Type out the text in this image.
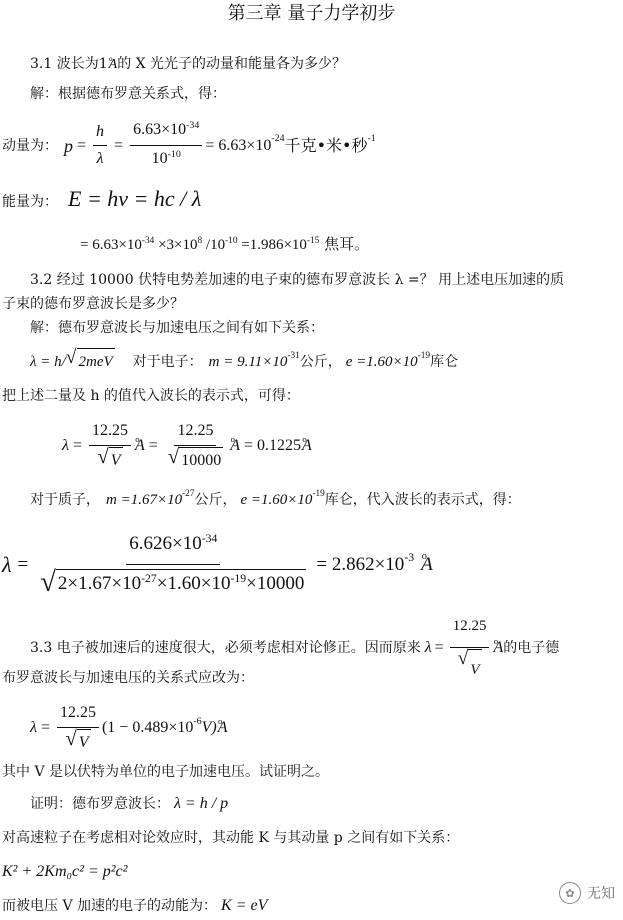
第三章 量子力学初步
3.1 波长为1o A的 X 光光子的动量和能量各为多少？
解：根据德布罗意关系式，得：
动量为： $p = \frac{h}{\lambda} = \frac{6.63\times 10^{-34}}{10^{-10}} = 6.63\times 10^{-24}$ 千克•米•秒$^{-1}$
能量为： E = hν = hc / λ
= $6.63\times 10^{-34} \times 3\times 10^8$ $/10^{-10} =1.986\times 10^{-15}$ 焦耳。
3.2 经过 10000 伏特电势差加速的电子束的德布罗意波长 λ =？ 用上述电压加速的质
子束的德布罗意波长是多少？
解：德布罗意波长与加速电压之间有如下关系：
λ = h/ √ 2meV 对于电子： $m = 9.11\times 10^{-31}$ 公斤， $e =1.60\times 10^{-19}$ 库仑
把上述二量及 h 的值代入波长的表示式，可得：
$\lambda = \frac{12.25}{√ V}$ o $A = \frac{12.25}{√ 10000}$ o A = 0.1225 o A
对于质子， $m =1.67\times 10^{-27}$ 公斤， $e =1.60\times 10^{-19}$ 库仑，代入波长的表示式，得：
$\lambda = \frac{6.626\times 10^{-34}}{√ 2\times 1.67\times 10^{-27}\times 1.60\times 10^{-19}\times 10000} = 2.862\times 10^{-3}$ o A
3.3 电子被加速后的速度很大，必须考虑相对论修正。因而原来 λ = 12.25
√
V o A 的电子德
布罗意波长与加速电压的关系式应改为：
$\lambda = \frac{12.25}{√ V} (1 - 0.489\times 10^{-6}$ V) o A
其中 V 是以伏特为单位的电子加速电压。试证明之。
证明：德布罗意波长： λ = h / p
对高速粒子在考虑相对论效应时，其动能 K 与其动量 p 之间有如下关系：
K² + 2Km₀c² = p²c²
而被电压 V 加速的电子的动能为： K = eV
✿ 无知
